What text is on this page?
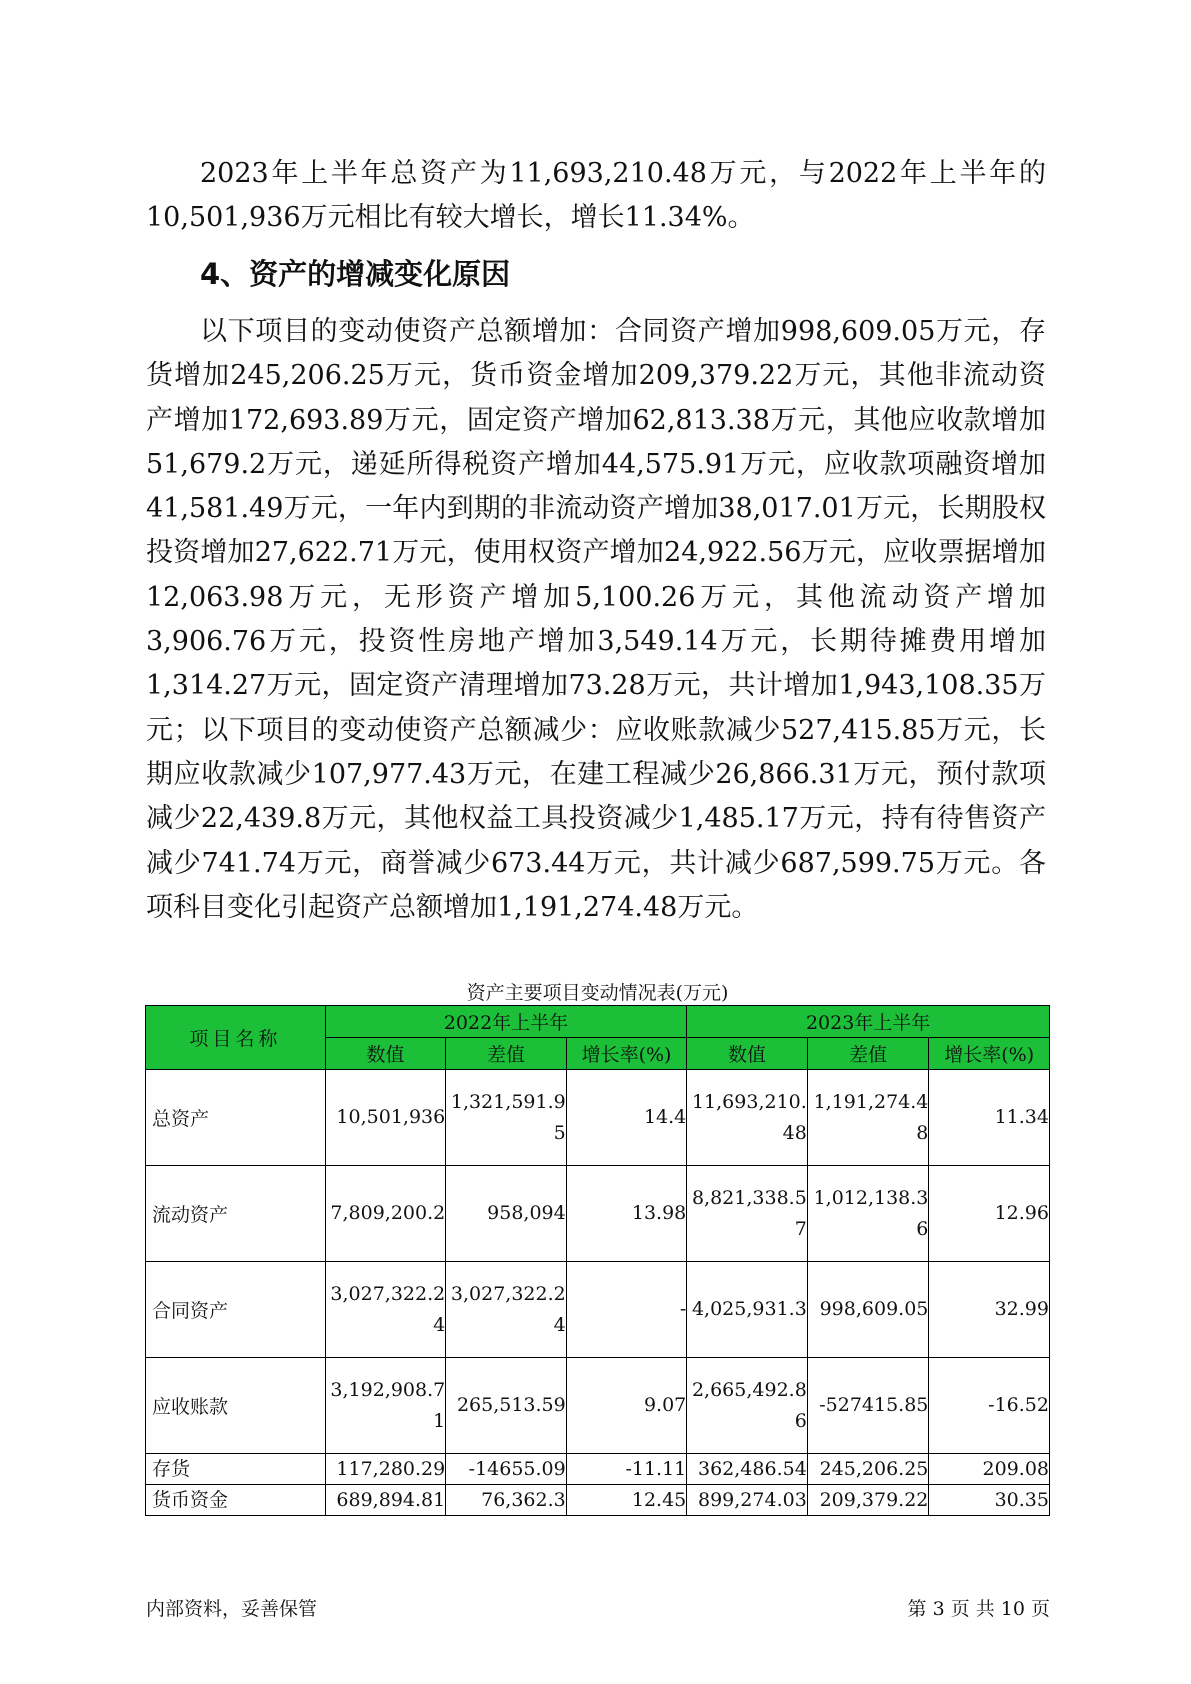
2023年上半年总资产为11,693,210.48万元，与2022年上半年的10,501,936万元相比有较大增长，增长11.34%。

4、资产的增减变化原因

以下项目的变动使资产总额增加：合同资产增加998,609.05万元，存货增加245,206.25万元，货币资金增加209,379.22万元，其他非流动资产增加172,693.89万元，固定资产增加62,813.38万元，其他应收款增加51,679.2万元，递延所得税资产增加44,575.91万元，应收款项融资增加41,581.49万元，一年内到期的非流动资产增加38,017.01万元，长期股权投资增加27,622.71万元，使用权资产增加24,922.56万元，应收票据增加12,063.98万元，无形资产增加5,100.26万元，其他流动资产增加3,906.76万元，投资性房地产增加3,549.14万元，长期待摊费用增加1,314.27万元，固定资产清理增加73.28万元，共计增加1,943,108.35万元；以下项目的变动使资产总额减少：应收账款减少527,415.85万元，长期应收款减少107,977.43万元，在建工程减少26,866.31万元，预付款项减少22,439.8万元，其他权益工具投资减少1,485.17万元，持有待售资产减少741.74万元，商誉减少673.44万元，共计减少687,599.75万元。各项科目变化引起资产总额增加1,191,274.48万元。

资产主要项目变动情况表(万元)
项目名称	2022年上半年			2023年上半年		
	数值	差值	增长率(%)	数值	差值	增长率(%)
总资产	10,501,936	1,321,591.95	14.4	11,693,210.48	1,191,274.48	11.34
流动资产	7,809,200.2	958,094	13.98	8,821,338.57	1,012,138.36	12.96
合同资产	3,027,322.24	3,027,322.24	-	4,025,931.3	998,609.05	32.99
应收账款	3,192,908.71	265,513.59	9.07	2,665,492.86	-527415.85	-16.52
存货	117,280.29	-14655.09	-11.11	362,486.54	245,206.25	209.08
货币资金	689,894.81	76,362.3	12.45	899,274.03	209,379.22	30.35
内部资料，妥善保管	第 3 页 共 10 页
